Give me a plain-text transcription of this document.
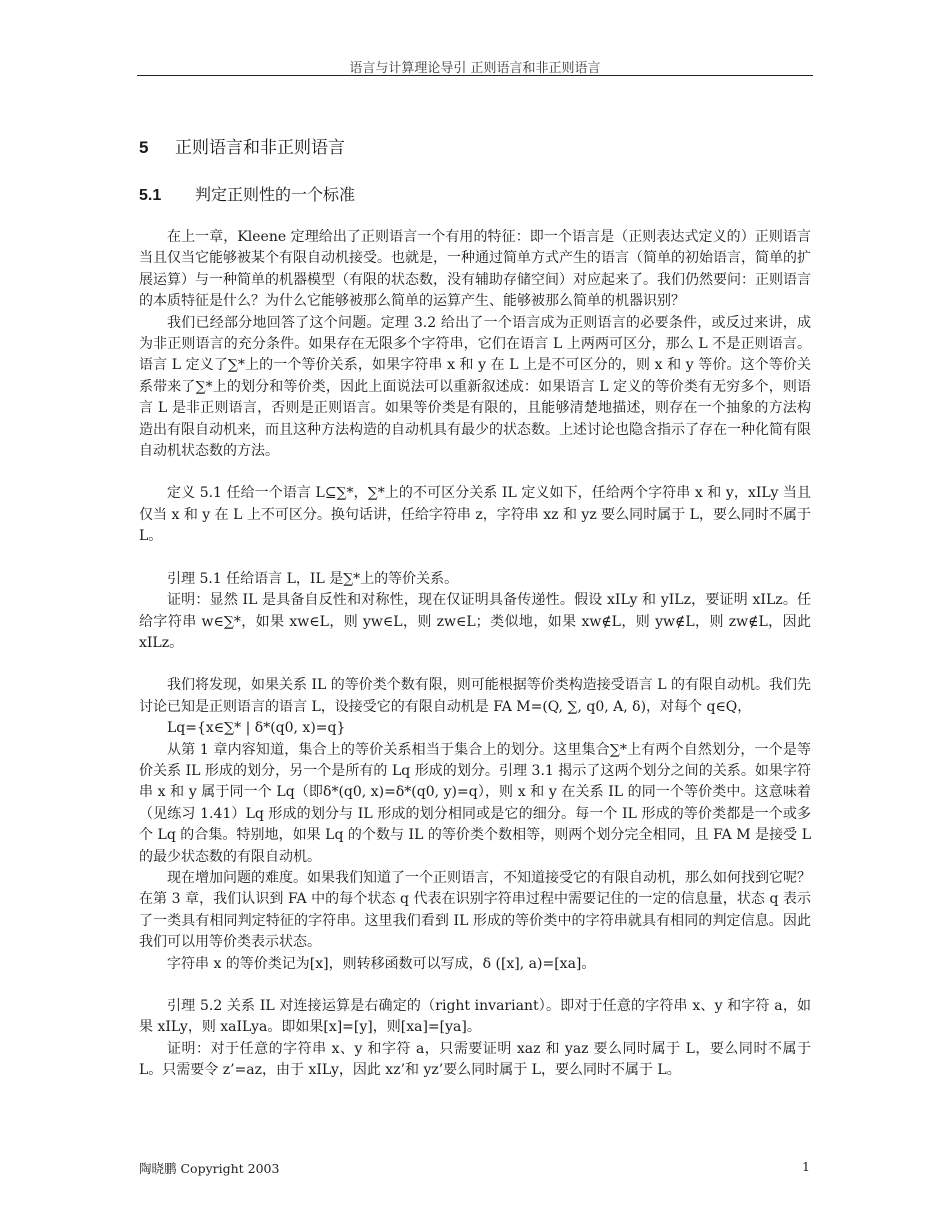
语言与计算理论导引 正则语言和非正则语言
5	正则语言和非正则语言
5.1	判定正则性的一个标准

在上一章，Kleene 定理给出了正则语言一个有用的特征：即一个语言是（正则表达式定义的）正则语言当且仅当它能够被某个有限自动机接受。也就是，一种通过简单方式产生的语言（简单的初始语言，简单的扩展运算）与一种简单的机器模型（有限的状态数，没有辅助存储空间）对应起来了。我们仍然要问：正则语言的本质特征是什么？为什么它能够被那么简单的运算产生、能够被那么简单的机器识别？

我们已经部分地回答了这个问题。定理 3.2 给出了一个语言成为正则语言的必要条件，或反过来讲，成为非正则语言的充分条件。如果存在无限多个字符串，它们在语言 L 上两两可区分，那么 L 不是正则语言。语言 L 定义了∑*上的一个等价关系，如果字符串 x 和 y 在 L 上是不可区分的，则 x 和 y 等价。这个等价关系带来了∑*上的划分和等价类，因此上面说法可以重新叙述成：如果语言 L 定义的等价类有无穷多个，则语言 L 是非正则语言，否则是正则语言。如果等价类是有限的，且能够清楚地描述，则存在一个抽象的方法构造出有限自动机来，而且这种方法构造的自动机具有最少的状态数。上述讨论也隐含指示了存在一种化简有限自动机状态数的方法。

定义 5.1 任给一个语言 L⊆∑*，∑*上的不可区分关系 IL 定义如下，任给两个字符串 x 和 y，xILy 当且仅当 x 和 y 在 L 上不可区分。换句话讲，任给字符串 z，字符串 xz 和 yz 要么同时属于 L，要么同时不属于 L。

引理 5.1 任给语言 L，IL 是∑*上的等价关系。

证明：显然 IL 是具备自反性和对称性，现在仅证明具备传递性。假设 xILy 和 yILz，要证明 xILz。任给字符串 w∈∑*，如果 xw∈L，则 yw∈L，则 zw∈L；类似地，如果 xw∉L，则 yw∉L，则 zw∉L，因此 xILz。

我们将发现，如果关系 IL 的等价类个数有限，则可能根据等价类构造接受语言 L 的有限自动机。我们先讨论已知是正则语言的语言 L，设接受它的有限自动机是 FA M=(Q, ∑, q0, A, δ)，对每个 q∈Q，

Lq={x∈∑* | δ*(q0, x)=q}

从第 1 章内容知道，集合上的等价关系相当于集合上的划分。这里集合∑*上有两个自然划分，一个是等价关系 IL 形成的划分，另一个是所有的 Lq 形成的划分。引理 3.1 揭示了这两个划分之间的关系。如果字符串 x 和 y 属于同一个 Lq（即δ*(q0, x)=δ*(q0, y)=q），则 x 和 y 在关系 IL 的同一个等价类中。这意味着（见练习 1.41）Lq 形成的划分与 IL 形成的划分相同或是它的细分。每一个 IL 形成的等价类都是一个或多个 Lq 的合集。特别地，如果 Lq 的个数与 IL 的等价类个数相等，则两个划分完全相同，且 FA M 是接受 L 的最少状态数的有限自动机。

现在增加问题的难度。如果我们知道了一个正则语言，不知道接受它的有限自动机，那么如何找到它呢？在第 3 章，我们认识到 FA 中的每个状态 q 代表在识别字符串过程中需要记住的一定的信息量，状态 q 表示了一类具有相同判定特征的字符串。这里我们看到 IL 形成的等价类中的字符串就具有相同的判定信息。因此我们可以用等价类表示状态。

字符串 x 的等价类记为[x]，则转移函数可以写成，δ ([x], a)=[xa]。

引理 5.2 关系 IL 对连接运算是右确定的（right invariant）。即对于任意的字符串 x、y 和字符 a，如果 xILy，则 xaILya。即如果[x]=[y]，则[xa]=[ya]。

证明：对于任意的字符串 x、y 和字符 a，只需要证明 xaz 和 yaz 要么同时属于 L，要么同时不属于 L。只需要令 z’=az，由于 xILy，因此 xz’和 yz’要么同时属于 L，要么同时不属于 L。

陶晓鹏 Copyright 2003	1
